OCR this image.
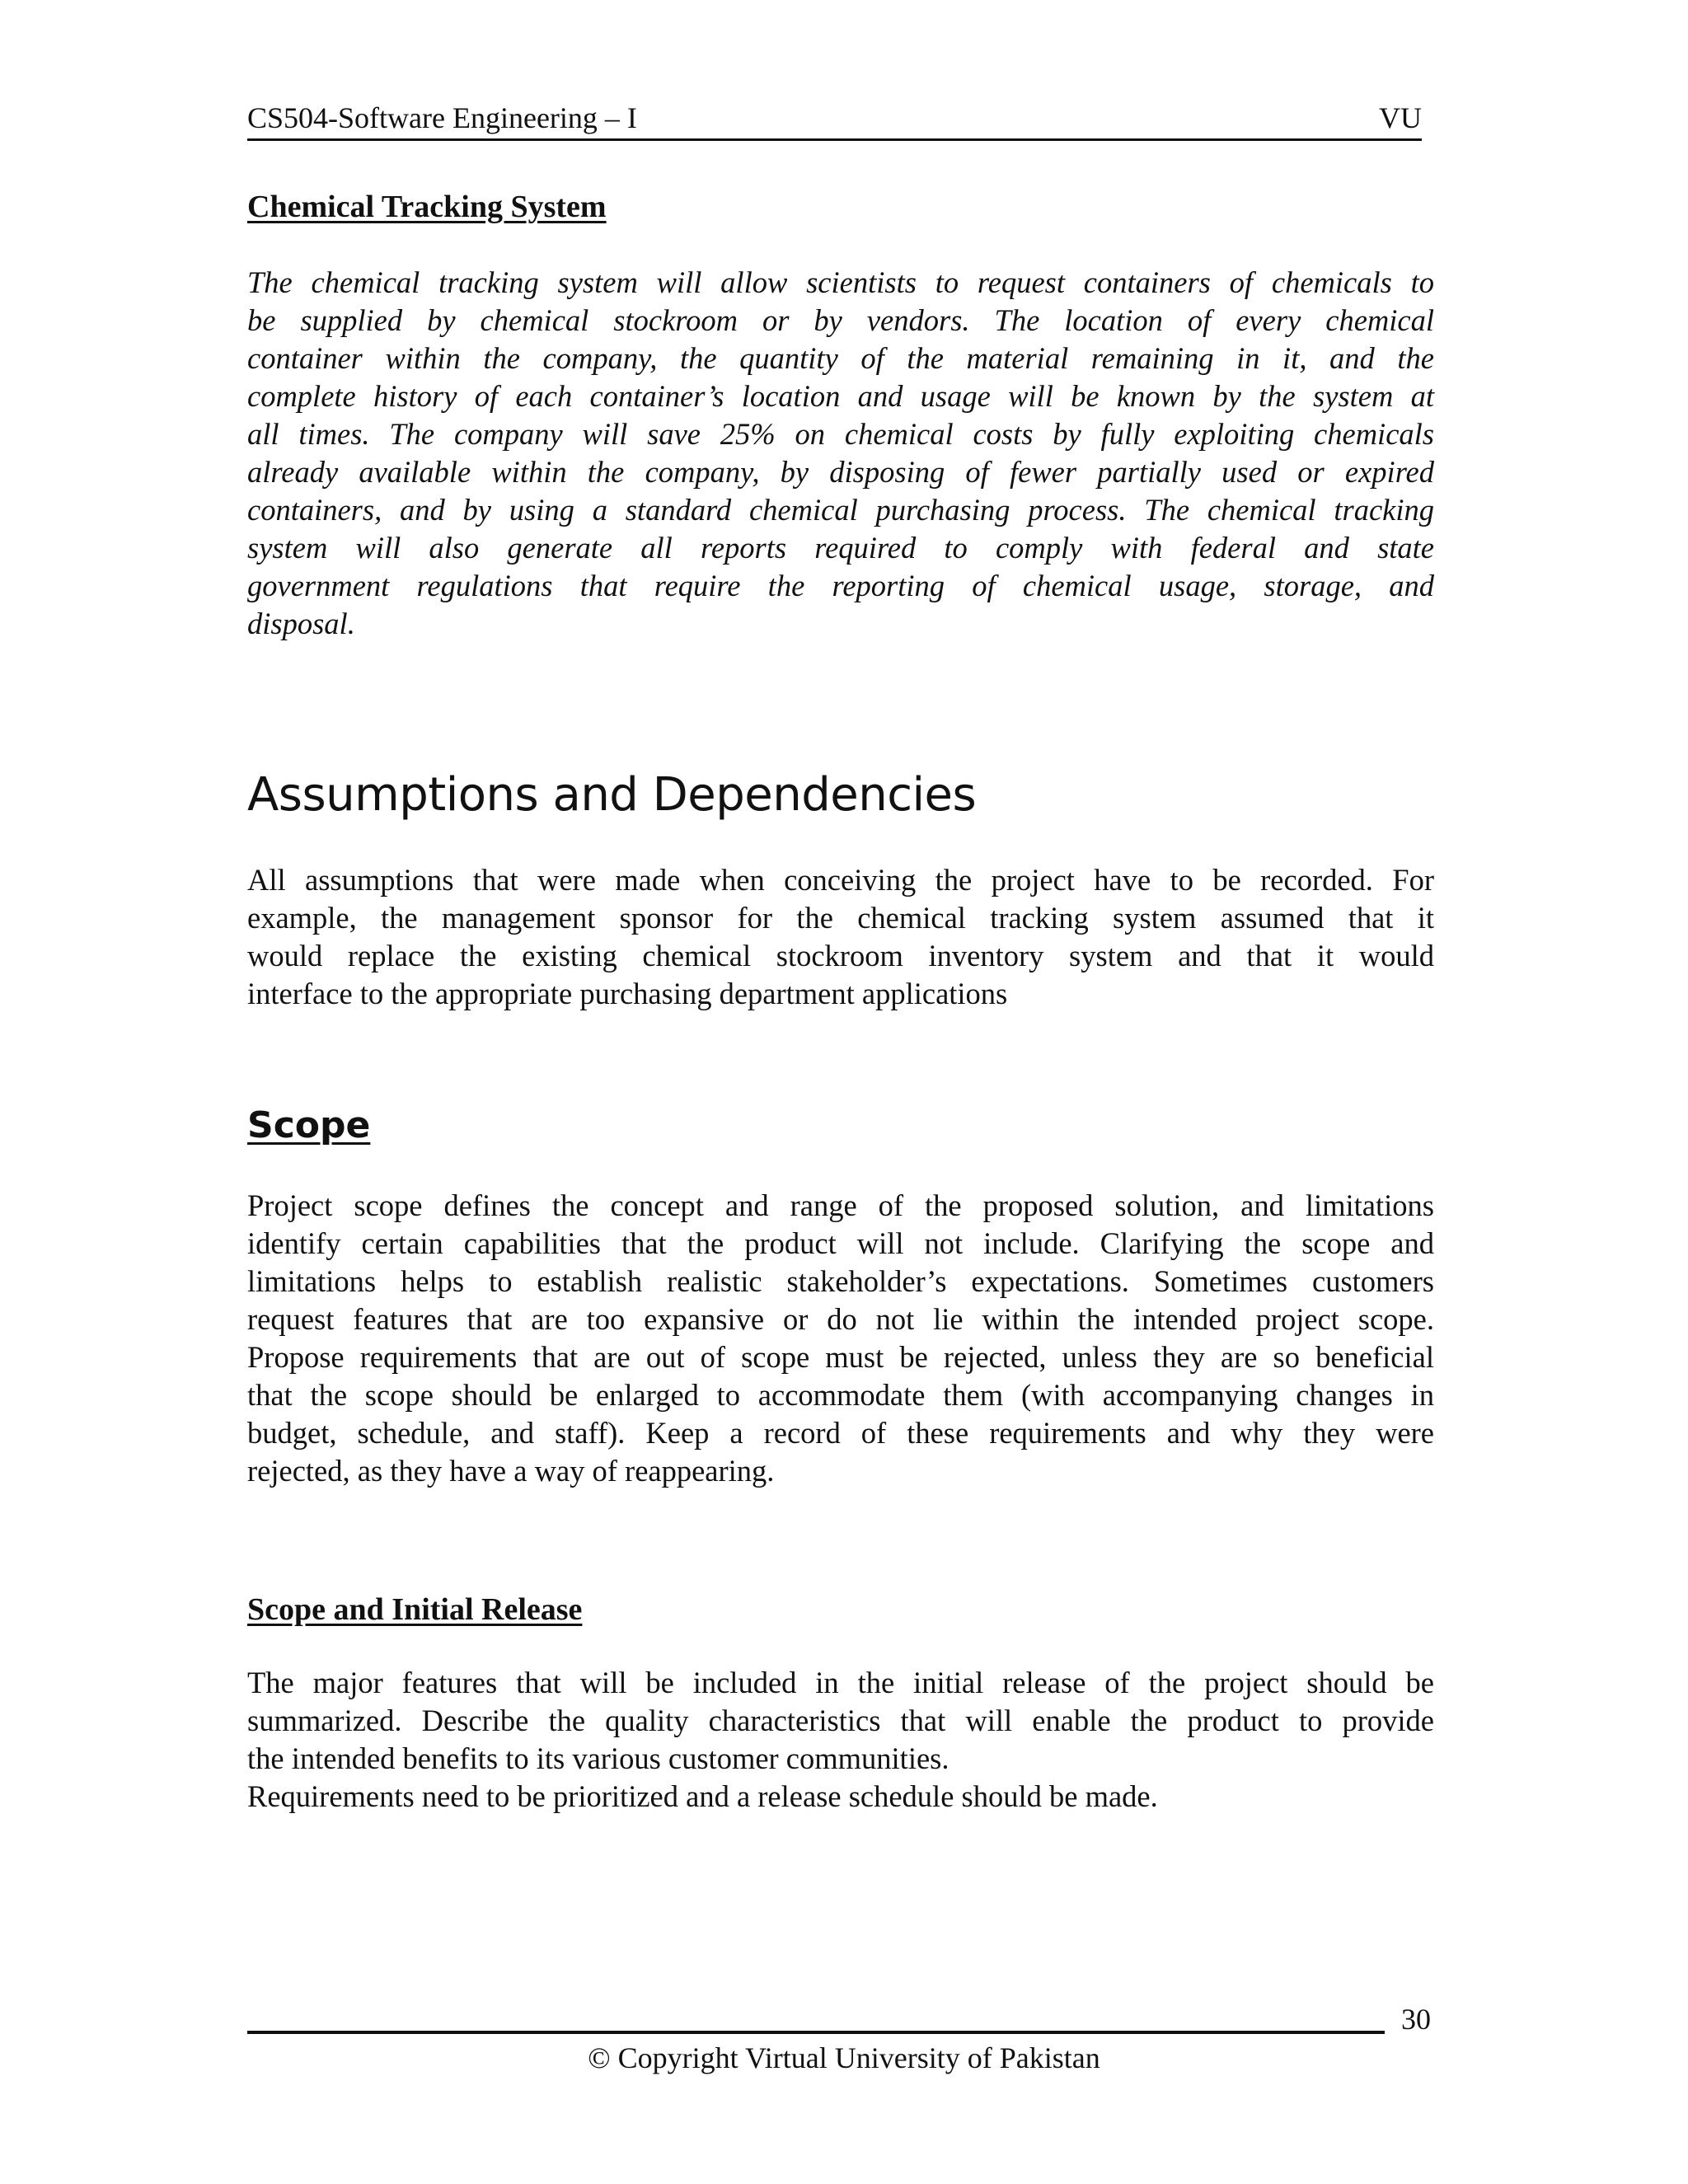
CS504-Software Engineering – I	VU
Chemical Tracking System

The chemical tracking system will allow scientists to request containers of chemicals to
be supplied by chemical stockroom or by vendors. The location of every chemical
container within the company, the quantity of the material remaining in it, and the
complete history of each container’s location and usage will be known by the system at
all times. The company will save 25% on chemical costs by fully exploiting chemicals
already available within the company, by disposing of fewer partially used or expired
containers, and by using a standard chemical purchasing process. The chemical tracking
system will also generate all reports required to comply with federal and state
government regulations that require the reporting of chemical usage, storage, and
disposal.

Assumptions and Dependencies

All assumptions that were made when conceiving the project have to be recorded. For
example, the management sponsor for the chemical tracking system assumed that it
would replace the existing chemical stockroom inventory system and that it would
interface to the appropriate purchasing department applications

Scope

Project scope defines the concept and range of the proposed solution, and limitations
identify certain capabilities that the product will not include. Clarifying the scope and
limitations helps to establish realistic stakeholder’s expectations. Sometimes customers
request features that are too expansive or do not lie within the intended project scope.
Propose requirements that are out of scope must be rejected, unless they are so beneficial
that the scope should be enlarged to accommodate them (with accompanying changes in
budget, schedule, and staff). Keep a record of these requirements and why they were
rejected, as they have a way of reappearing.

Scope and Initial Release

The major features that will be included in the initial release of the project should be
summarized. Describe the quality characteristics that will enable the product to provide
the intended benefits to its various customer communities.
Requirements need to be prioritized and a release schedule should be made.

30
© Copyright Virtual University of Pakistan
